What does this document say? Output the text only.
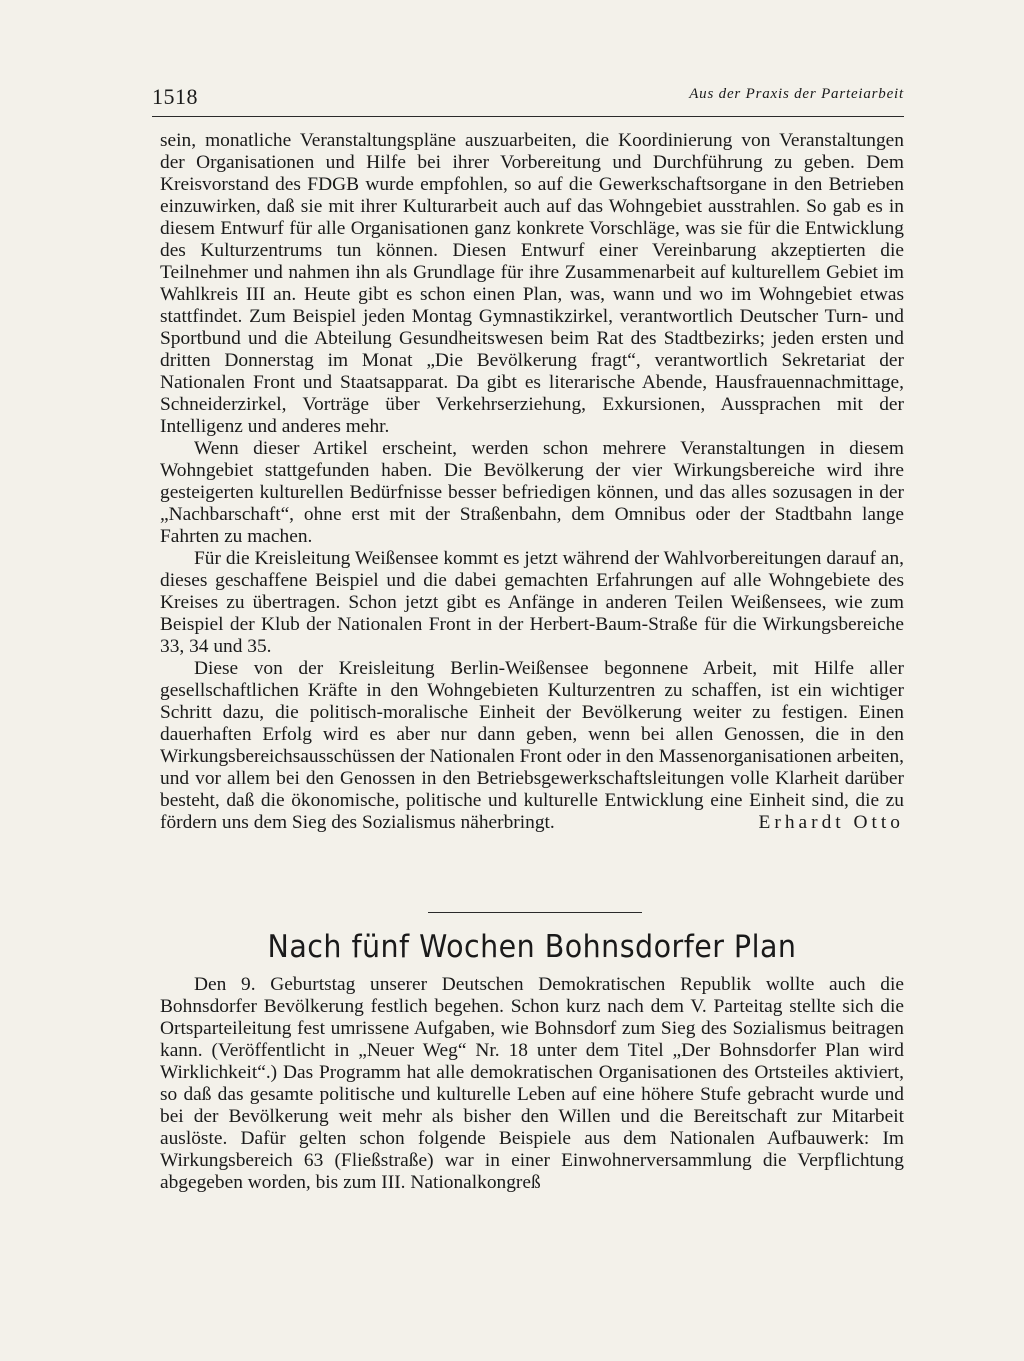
1518	Aus der Praxis der Parteiarbeit

sein, monatliche Veranstaltungspläne auszuarbeiten, die Koordinierung von Veranstaltungen der Organisationen und Hilfe bei ihrer Vorbereitung und Durchführung zu geben. Dem Kreisvorstand des FDGB wurde empfohlen, so auf die Gewerkschaftsorgane in den Betrieben einzuwirken, daß sie mit ihrer Kulturarbeit auch auf das Wohngebiet ausstrahlen. So gab es in diesem Entwurf für alle Organisationen ganz konkrete Vorschläge, was sie für die Entwicklung des Kulturzentrums tun können. Diesen Entwurf einer Vereinbarung akzeptierten die Teilnehmer und nahmen ihn als Grundlage für ihre Zusammenarbeit auf kulturellem Gebiet im Wahlkreis III an. Heute gibt es schon einen Plan, was, wann und wo im Wohngebiet etwas stattfindet. Zum Beispiel jeden Montag Gymnastikzirkel, verantwortlich Deutscher Turn- und Sportbund und die Abteilung Gesundheitswesen beim Rat des Stadtbezirks; jeden ersten und dritten Donnerstag im Monat „Die Bevölkerung fragt“, verantwortlich Sekretariat der Nationalen Front und Staatsapparat. Da gibt es literarische Abende, Hausfrauennachmittage, Schneiderzirkel, Vorträge über Verkehrserziehung, Exkursionen, Aussprachen mit der Intelligenz und anderes mehr.

Wenn dieser Artikel erscheint, werden schon mehrere Veranstaltungen in diesem Wohngebiet stattgefunden haben. Die Bevölkerung der vier Wirkungsbereiche wird ihre gesteigerten kulturellen Bedürfnisse besser befriedigen können, und das alles sozusagen in der „Nachbarschaft“, ohne erst mit der Straßenbahn, dem Omnibus oder der Stadtbahn lange Fahrten zu machen.

Für die Kreisleitung Weißensee kommt es jetzt während der Wahlvorbereitungen darauf an, dieses geschaffene Beispiel und die dabei gemachten Erfahrungen auf alle Wohngebiete des Kreises zu übertragen. Schon jetzt gibt es Anfänge in anderen Teilen Weißensees, wie zum Beispiel der Klub der Nationalen Front in der Herbert-Baum-Straße für die Wirkungsbereiche 33, 34 und 35.

Diese von der Kreisleitung Berlin-Weißensee begonnene Arbeit, mit Hilfe aller gesellschaftlichen Kräfte in den Wohngebieten Kulturzentren zu schaffen, ist ein wichtiger Schritt dazu, die politisch-moralische Einheit der Bevölkerung weiter zu festigen. Einen dauerhaften Erfolg wird es aber nur dann geben, wenn bei allen Genossen, die in den Wirkungsbereichsausschüssen der Nationalen Front oder in den Massenorganisationen arbeiten, und vor allem bei den Genossen in den Betriebsgewerkschaftsleitungen volle Klarheit darüber besteht, daß die ökonomische, politische und kulturelle Entwicklung eine Einheit sind, die zu fördern uns dem Sieg des Sozialismus näherbringt.	Erhardt Otto

Nach fünf Wochen Bohnsdorfer Plan

Den 9. Geburtstag unserer Deutschen Demokratischen Republik wollte auch die Bohnsdorfer Bevölkerung festlich begehen. Schon kurz nach dem V. Parteitag stellte sich die Ortsparteileitung fest umrissene Aufgaben, wie Bohnsdorf zum Sieg des Sozialismus beitragen kann. (Veröffentlicht in „Neuer Weg“ Nr. 18 unter dem Titel „Der Bohnsdorfer Plan wird Wirklichkeit“.) Das Programm hat alle demokratischen Organisationen des Ortsteiles aktiviert, so daß das gesamte politische und kulturelle Leben auf eine höhere Stufe gebracht wurde und bei der Bevölkerung weit mehr als bisher den Willen und die Bereitschaft zur Mitarbeit auslöste. Dafür gelten schon folgende Beispiele aus dem Nationalen Aufbauwerk: Im Wirkungsbereich 63 (Fließstraße) war in einer Einwohnerversammlung die Verpflichtung abgegeben worden, bis zum III. Nationalkongreß
